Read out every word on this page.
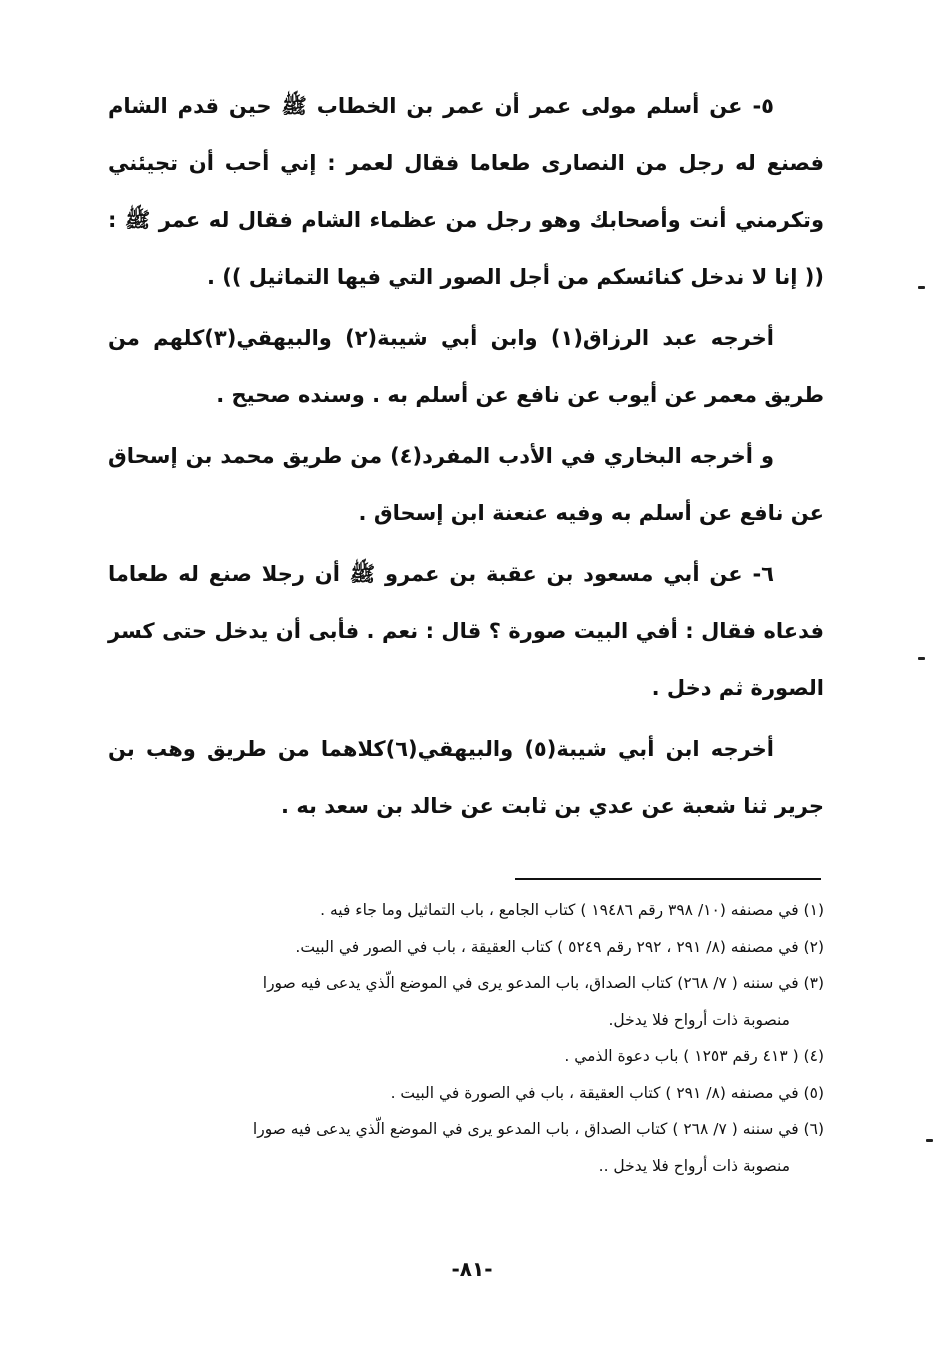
٥- عن أسلم مولى عمر أن عمر بن الخطاب ﷺ حين قدم الشام فصنع له رجل من النصارى طعاما فقال لعمر : إني أحب أن تجيئني وتكرمني أنت وأصحابك وهو رجل من عظماء الشام فقال له عمر ﷺ : (( إنا لا ندخل كنائسكم من أجل الصور التي فيها التماثيل )) .

أخرجه عبد الرزاق(١) وابن أبي شيبة(٢) والبيهقي(٣)كلهم من طريق معمر عن أيوب عن نافع عن أسلم به . وسنده صحيح .

و أخرجه البخاري في الأدب المفرد(٤) من طريق محمد بن إسحاق عن نافع عن أسلم به وفيه عنعنة ابن إسحاق .

٦- عن أبي مسعود بن عقبة بن عمرو ﷺ أن رجلا صنع له طعاما فدعاه فقال : أفي البيت صورة ؟ قال : نعم . فأبى أن يدخل حتى كسر الصورة ثم دخل .

أخرجه ابن أبي شيبة(٥) والبيهقي(٦)كلاهما من طريق وهب بن جرير ثنا شعبة عن عدي بن ثابت عن خالد بن سعد به .

(١) في مصنفه (١٠/ ٣٩٨ رقم ١٩٤٨٦ ) كتاب الجامع ، باب التماثيل وما جاء فيه .

(٢) في مصنفه (٨/ ٢٩١ ، ٢٩٢ رقم ٥٢٤٩ ) كتاب العقيقة ، باب في الصور في البيت.

(٣) في سننه ( ٧/ ٢٦٨) كتاب الصداق، باب المدعو يرى في الموضع الّذي يدعى فيه صورا

منصوبة ذات أرواح فلا يدخل.

(٤) ( ٤١٣ رقم ١٢٥٣ ) باب دعوة الذمي .

(٥) في مصنفه (٨/ ٢٩١ ) كتاب العقيقة ، باب في الصورة في البيت .

(٦) في سننه ( ٧/ ٢٦٨ ) كتاب الصداق ، باب المدعو يرى في الموضع الّذي يدعى فيه صورا

منصوبة ذات أرواح فلا يدخل ..

-٨١-
